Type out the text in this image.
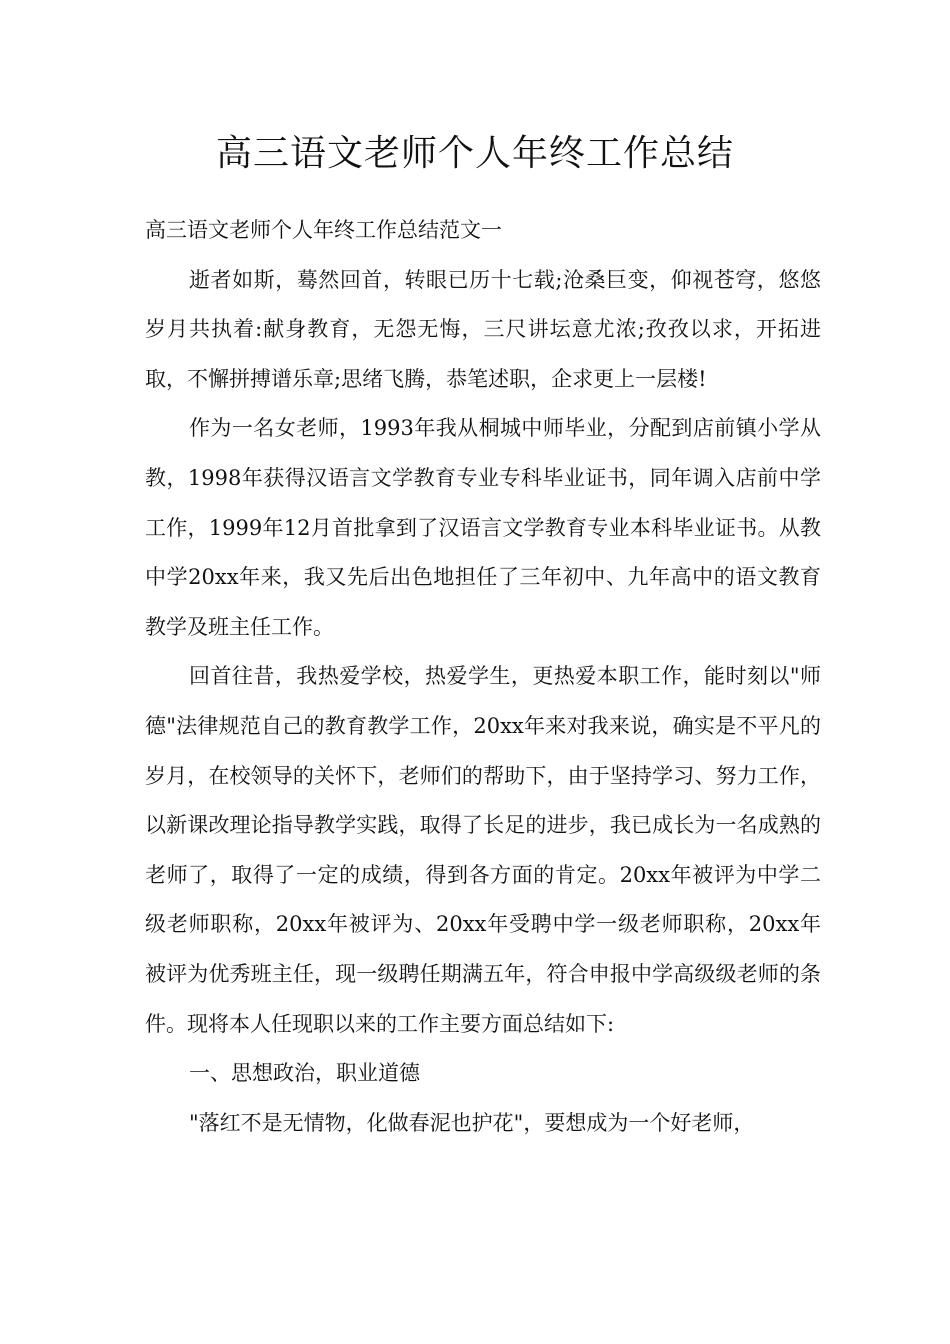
高三语文老师个人年终工作总结

高三语文老师个人年终工作总结范文一

逝者如斯，蓦然回首，转眼已历十七载;沧桑巨变，仰视苍穹，悠悠岁月共执着:献身教育，无怨无悔，三尺讲坛意尤浓;孜孜以求，开拓进取，不懈拼搏谱乐章;思绪飞腾，恭笔述职，企求更上一层楼!

作为一名女老师，1993年我从桐城中师毕业，分配到店前镇小学从教，1998年获得汉语言文学教育专业专科毕业证书，同年调入店前中学工作，1999年12月首批拿到了汉语言文学教育专业本科毕业证书。从教中学20xx年来，我又先后出色地担任了三年初中、九年高中的语文教育教学及班主任工作。

回首往昔，我热爱学校，热爱学生，更热爱本职工作，能时刻以"师德"法律规范自己的教育教学工作，20xx年来对我来说，确实是不平凡的岁月，在校领导的关怀下，老师们的帮助下，由于坚持学习、努力工作，以新课改理论指导教学实践，取得了长足的进步，我已成长为一名成熟的老师了，取得了一定的成绩，得到各方面的肯定。20xx年被评为中学二级老师职称，20xx年被评为、20xx年受聘中学一级老师职称，20xx年被评为优秀班主任，现一级聘任期满五年，符合申报中学高级级老师的条件。现将本人任现职以来的工作主要方面总结如下:

一、思想政治，职业道德

"落红不是无情物，化做春泥也护花"，要想成为一个好老师，
